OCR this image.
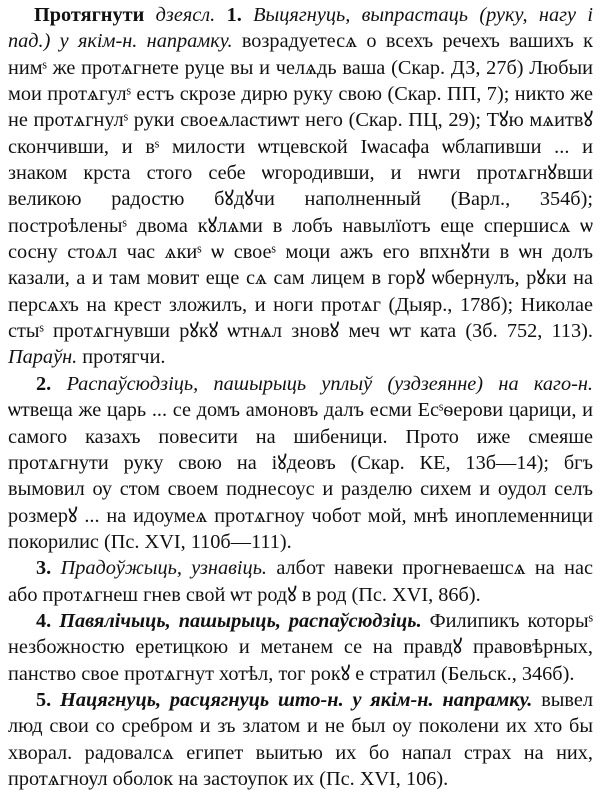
Протягнути дзеясл. 1. Выцягнуць, выпрастаць (руку, нагу і пад.) у якім-н. напрамку. возрадуетесѧ о всехъ речехъ вашихъ к нимˢ же протѧгнете руце вы и челѧдь ваша (Скар. ДЗ, 27б) Любыи мои протѧгулˢ естъ скрозе дирю руку свою (Скар. ПП, 7); никто же не протѧгнулˢ руки своеѧластиѡт него (Скар. ПЦ, 29); Тꙋю мѧитвꙋ скончивши, и вˢ милости ѡтцевской Іѡасафа ѡблапивши ... и знаком крста стого себе ѡгородивши, и нѡги протѧгнꙋвши великою радостю бꙋдꙋчи наполненный (Варл., 354б); построѣленыˢ двома кꙋлѧми в лобъ навылїотъ еще спершисѧ ѡ сосну стоѧл час ѧкиˢ ѡ своеˢ моци ажъ его впхнꙋти в ѡн долъ казали, а и там мовит еще сѧ сам лицем в горꙋ ѡбернулъ, рꙋки на персѧхъ на крест зложилъ, и ноги протѧг (Дыяр., 178б); Николае стыˢ протѧгнувши рꙋкꙋ ѡтнѧл зновꙋ меч ѡт ката (Зб. 752, 113). Параўн. протягчи.

2. Распаўсюдзіць, пашырыць уплыў (уздзеянне) на каго-н. ѡтвеща же царь ... се домъ амоновъ далъ есми Есˢѳерови царици, и самого казахъ повесити на шибеници. Прото иже смеяше протѧгнути руку свою на іꙋдеовъ (Скар. КЕ, 13б—14); бгъ вымовил оу стом своем поднесоус и разделю сихем и оудол селъ розмерꙋ ... на идоумеѧ протѧгноу чобот мой, мнѣ иноплеменници покорилис (Пс. XVI, 110б—111).

3. Прадоўжыць, узнавіць. албот навеки прогневаешсѧ на нас або протѧгнеш гнев свой ѡт родꙋ в род (Пс. XVI, 86б).

4. Павялічыць, пашырыць, распаўсюдзіць. Филипикъ которыˢ незбожностю еретицкою и метанем се на правдꙋ правовѣрных, панство свое протѧгнут хотѣл, тог рокꙋ е стратил (Бельск., 346б).

5. Нацягнуць, расцягнуць што-н. у якім-н. напрамку. вывел люд свои со сребром и зъ златом и не был оу поколени их хто бы хворал. радовалсѧ египет выитью их бо напал страх на них, протѧгноул оболок на застоупок их (Пс. XVI, 106).
